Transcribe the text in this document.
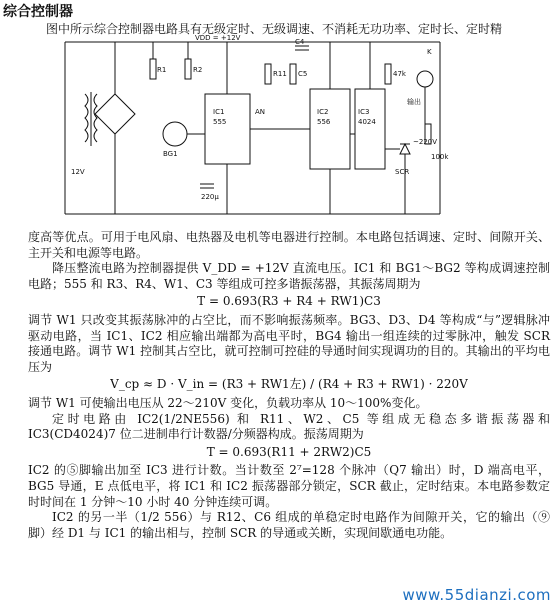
综合控制器
图中所示综合控制器电路具有无级定时、无级调速、不消耗无功功率、定时长、定时精
VDD = +12V
IC1
555
IC2
556
IC3
4024
BG1
SCR
~220V
输出
C4
R1	R2	R11 C5	47k
100k
220μ
AN
12V
K

度高等优点。可用于电风扇、电热器及电机等电器进行控制。本电路包括调速、定时、间隙开关、主开关和电源等电路。

降压整流电路为控制器提供 V_DD = +12V 直流电压。IC1 和 BG1～BG2 等构成调速控制电路；555 和 R3、R4、W1、C3 等组成可控多谐振荡器，其振荡周期为

T = 0.693(R3 + R4 + RW1)C3

调节 W1 只改变其振荡脉冲的占空比，而不影响振荡频率。BG3、D3、D4 等构成“与”逻辑脉冲驱动电路，当 IC1、IC2 相应输出端都为高电平时，BG4 输出一组连续的过零脉冲，触发 SCR 接通电路。调节 W1 控制其占空比，就可控制可控硅的导通时间实现调功的目的。其输出的平均电压为

V_cp ≈ D · V_in = (R3 + RW1左) / (R4 + R3 + RW1) · 220V

调节 W1 可使输出电压从 22～210V 变化，负载功率从 10～100%变化。

定时电路由 IC2(1/2NE556) 和 R11、W2、C5 等组成无稳态多谐振荡器和 IC3(CD4024)7 位二进制串行计数器/分频器构成。振荡周期为

T = 0.693(R11 + 2RW2)C5

IC2 的⑤脚输出加至 IC3 进行计数。当计数至 2⁷=128 个脉冲（Q7 输出）时，D 端高电平，BG5 导通，E 点低电平，将 IC1 和 IC2 振荡器部分锁定，SCR 截止，定时结束。本电路参数定时时间在 1 分钟～10 小时 40 分钟连续可调。

IC2 的另一半（1/2 556）与 R12、C6 组成的单稳定时电路作为间隙开关，它的输出（⑨脚）经 D1 与 IC1 的输出相与，控制 SCR 的导通或关断，实现间歇通电功能。

www.55dianzi.com
